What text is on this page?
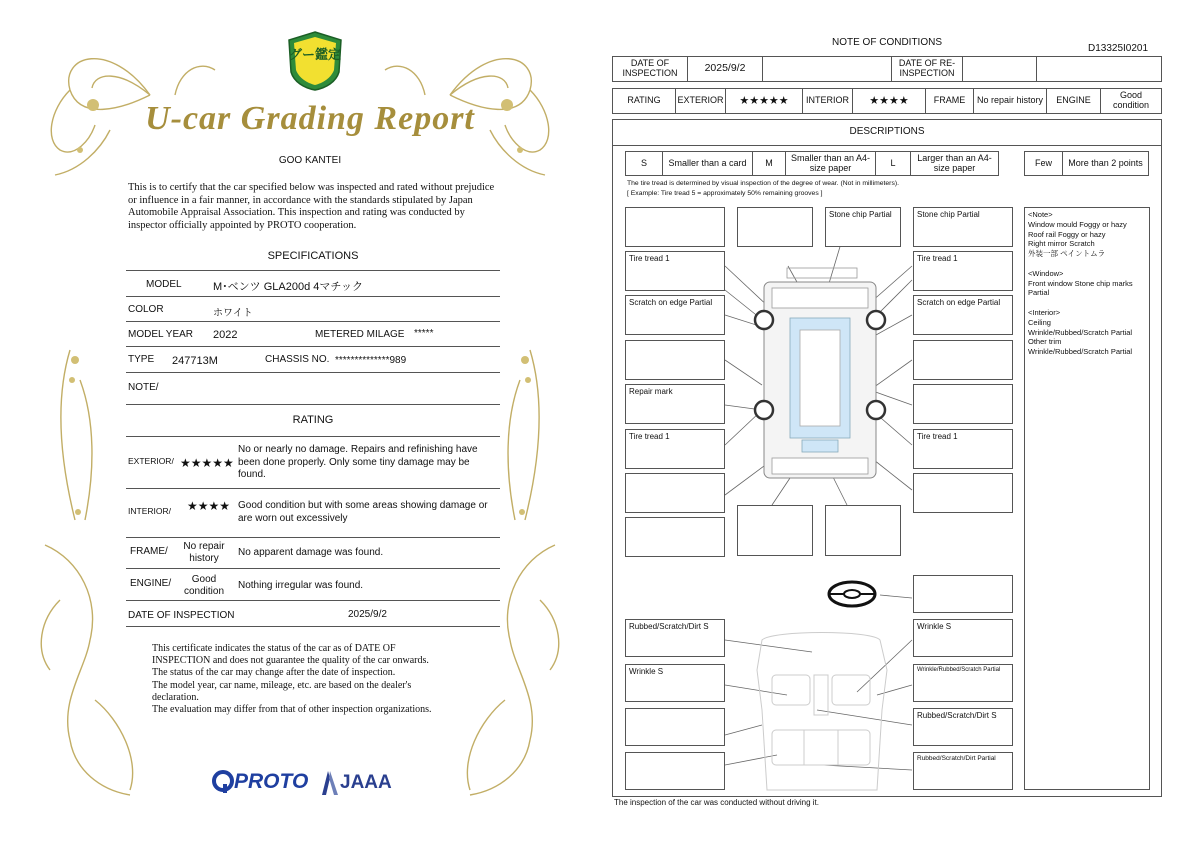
グー鑑定
U-car Grading Report
GOO KANTEI
This is to certify that the car specified below was inspected and rated without prejudice or influence in a fair manner, in accordance with the standards stipulated by Japan Automobile Appraisal Association. This inspection and rating was conducted by inspector officially appointed by PROTO cooperation.
SPECIFICATIONS
MODEL	M･ベンツ GLA200d 4マチック
COLOR	ホワイト
MODEL YEAR 2022	METERED MILAGE *****
TYPE 247713M	CHASSIS NO. **************989
NOTE/
RATING
EXTERIOR/ ★★★★★
No or nearly no damage. Repairs and refinishing have been done properly. Only some tiny damage may be found.
INTERIOR/ ★★★★ Good condition but with some areas showing damage or are worn out excessively
FRAME/	No repair history
No apparent damage was found.
ENGINE/	Good condition
Nothing irregular was found.
DATE OF INSPECTION	2025/9/2
This certificate indicates the status of the car as of DATE OF
INSPECTION and does not guarantee the quality of the car onwards.
The status of the car may change after the date of inspection.
The model year, car name, mileage, etc. are based on the dealer's
declaration.
The evaluation may differ from that of other inspection organizations.
PROTO JAAA
NOTE OF CONDITIONS
D13325I0201
DATE OF INSPECTION	2025/9/2	DATE OF RE-INSPECTION
RATING	EXTERIOR	★★★★★	INTERIOR	★★★★	FRAME	No repair history	ENGINE	Good condition
DESCRIPTIONS
S	Smaller than a card	M	Smaller than an A4-size paper	L	Larger than an A4-size paper	Few	More than 2 points
The tire tread is determined by visual inspection of the degree of wear. (Not in millimeters).
[ Example: Tire tread 5 = approximately 50% remaining grooves ]
Stone chip Partial	Stone chip Partial
Tire tread 1	Tire tread 1
Scratch on edge Partial	Scratch on edge Partial
Repair mark
Tire tread 1	Tire tread 1
Rubbed/Scratch/Dirt S	Wrinkle S
Wrinkle S	Wrinkle/Rubbed/Scratch Partial
Rubbed/Scratch/Dirt S
Rubbed/Scratch/Dirt Partial
<Note>
Window mould Foggy or hazy
Roof rail Foggy or hazy
Right mirror Scratch
外装一部 ペイントムラ
<Window>
Front window Stone chip marks Partial
<Interior>
Ceiling
Wrinkle/Rubbed/Scratch Partial
Other trim
Wrinkle/Rubbed/Scratch Partial
The inspection of the car was conducted without driving it.
